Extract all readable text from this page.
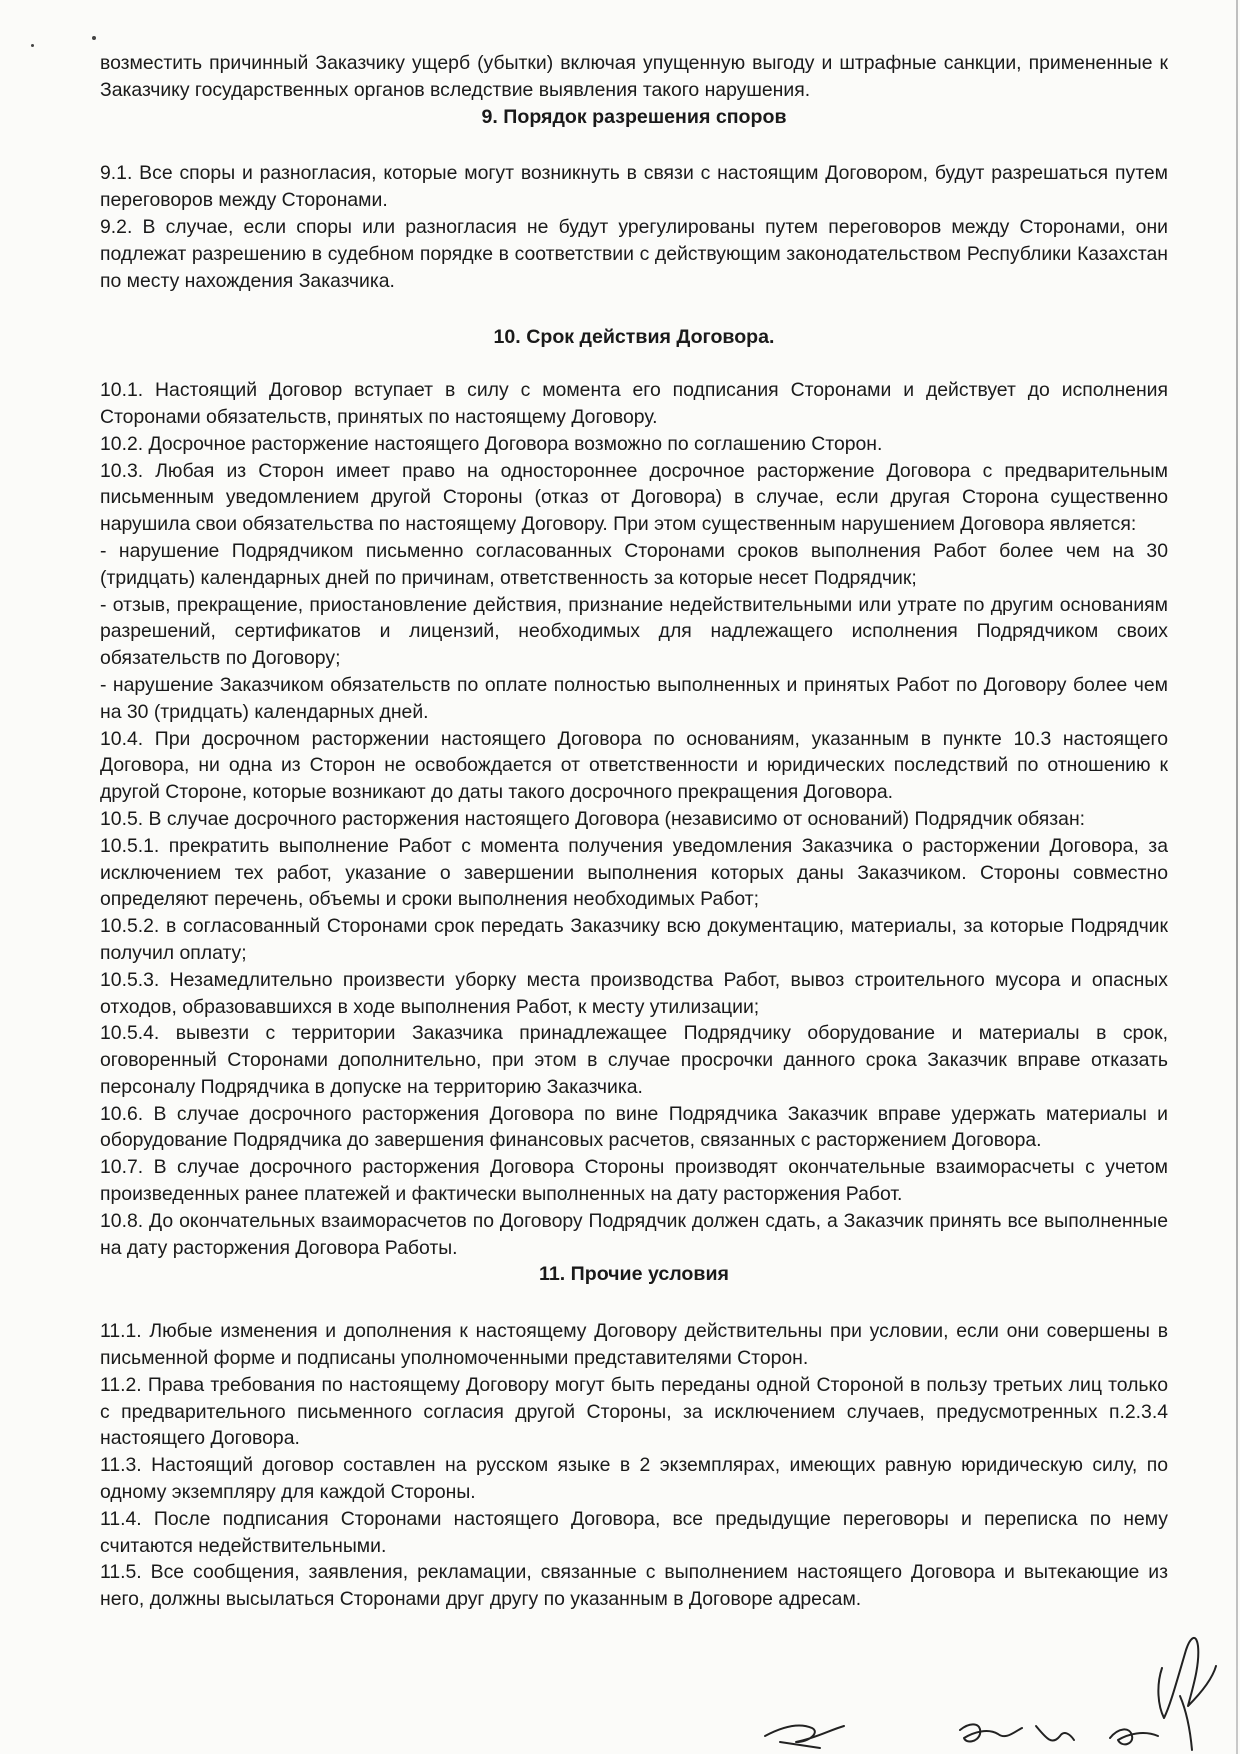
возместить причинный Заказчику ущерб (убытки) включая упущенную выгоду и штрафные санкции, примененные к Заказчику государственных органов вследствие выявления такого нарушения.

9. Порядок разрешения споров

9.1. Все споры и разногласия, которые могут возникнуть в связи с настоящим Договором, будут разрешаться путем переговоров между Сторонами.

9.2. В случае, если споры или разногласия не будут урегулированы путем переговоров между Сторонами, они подлежат разрешению в судебном порядке в соответствии с действующим законодательством Республики Казахстан по месту нахождения Заказчика.

10. Срок действия Договора.

10.1. Настоящий Договор вступает в силу с момента его подписания Сторонами и действует до исполнения Сторонами обязательств, принятых по настоящему Договору.

10.2. Досрочное расторжение настоящего Договора возможно по соглашению Сторон.

10.3. Любая из Сторон имеет право на одностороннее досрочное расторжение Договора с предварительным письменным уведомлением другой Стороны (отказ от Договора) в случае, если другая Сторона существенно нарушила свои обязательства по настоящему Договору. При этом существенным нарушением Договора является:

- нарушение Подрядчиком письменно согласованных Сторонами сроков выполнения Работ более чем на 30 (тридцать) календарных дней по причинам, ответственность за которые несет Подрядчик;

- отзыв, прекращение, приостановление действия, признание недействительными или утрате по другим основаниям разрешений, сертификатов и лицензий, необходимых для надлежащего исполнения Подрядчиком своих обязательств по Договору;

- нарушение Заказчиком обязательств по оплате полностью выполненных и принятых Работ по Договору более чем на 30 (тридцать) календарных дней.

10.4. При досрочном расторжении настоящего Договора по основаниям, указанным в пункте 10.3 настоящего Договора, ни одна из Сторон не освобождается от ответственности и юридических последствий по отношению к другой Стороне, которые возникают до даты такого досрочного прекращения Договора.

10.5. В случае досрочного расторжения настоящего Договора (независимо от оснований) Подрядчик обязан:

10.5.1. прекратить выполнение Работ с момента получения уведомления Заказчика о расторжении Договора, за исключением тех работ, указание о завершении выполнения которых даны Заказчиком. Стороны совместно определяют перечень, объемы и сроки выполнения необходимых Работ;

10.5.2. в согласованный Сторонами срок передать Заказчику всю документацию, материалы, за которые Подрядчик получил оплату;

10.5.3. Незамедлительно произвести уборку места производства Работ, вывоз строительного мусора и опасных отходов, образовавшихся в ходе выполнения Работ, к месту утилизации;

10.5.4. вывезти с территории Заказчика принадлежащее Подрядчику оборудование и материалы в срок, оговоренный Сторонами дополнительно, при этом в случае просрочки данного срока Заказчик вправе отказать персоналу Подрядчика в допуске на территорию Заказчика.

10.6. В случае досрочного расторжения Договора по вине Подрядчика Заказчик вправе удержать материалы и оборудование Подрядчика до завершения финансовых расчетов, связанных с расторжением Договора.

10.7. В случае досрочного расторжения Договора Стороны производят окончательные взаиморасчеты с учетом произведенных ранее платежей и фактически выполненных на дату расторжения Работ.

10.8. До окончательных взаиморасчетов по Договору Подрядчик должен сдать, а Заказчик принять все выполненные на дату расторжения Договора Работы.

11. Прочие условия

11.1. Любые изменения и дополнения к настоящему Договору действительны при условии, если они совершены в письменной форме и подписаны уполномоченными представителями Сторон.

11.2. Права требования по настоящему Договору могут быть переданы одной Стороной в пользу третьих лиц только с предварительного письменного согласия другой Стороны, за исключением случаев, предусмотренных п.2.3.4 настоящего Договора.

11.3. Настоящий договор составлен на русском языке в 2 экземплярах, имеющих равную юридическую силу, по одному экземпляру для каждой Стороны.

11.4. После подписания Сторонами настоящего Договора, все предыдущие переговоры и переписка по нему считаются недействительными.

11.5. Все сообщения, заявления, рекламации, связанные с выполнением настоящего Договора и вытекающие из него, должны высылаться Сторонами друг другу по указанным в Договоре адресам.
